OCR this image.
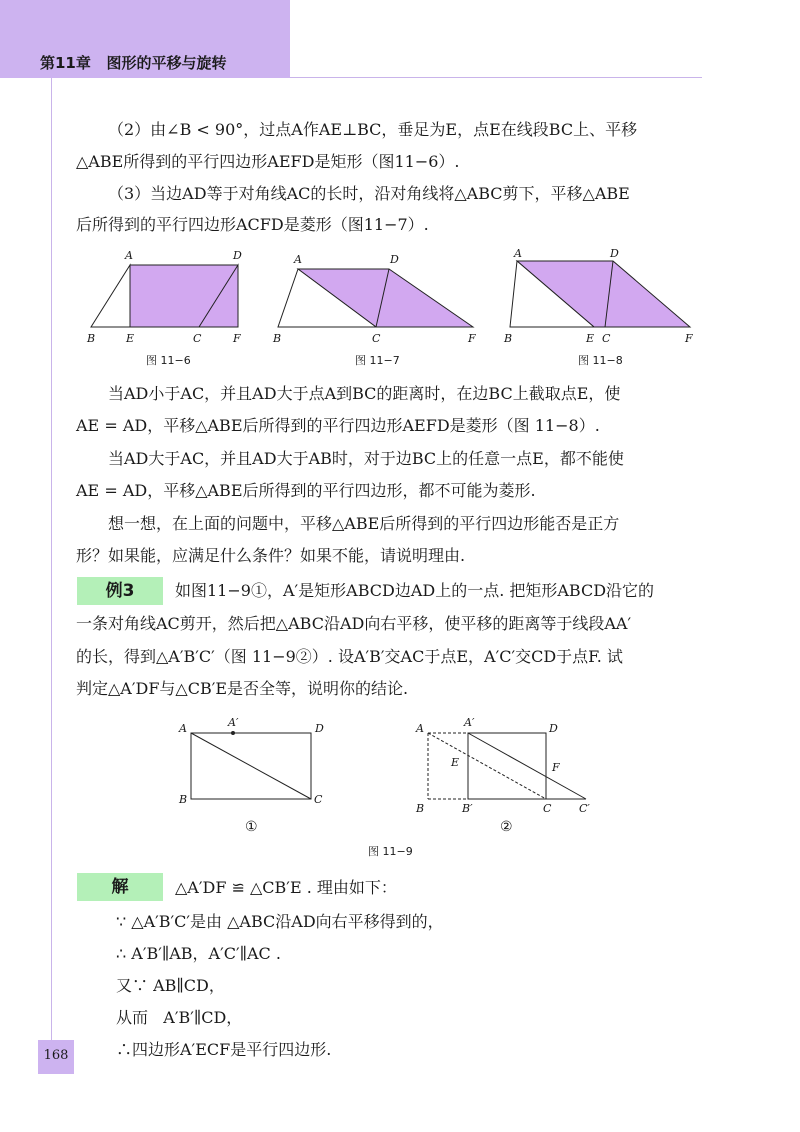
第11章 图形的平移与旋转
（2）由∠B < 90°，过点A作AE⊥BC，垂足为E，点E在线段BC上、平移
△ABE所得到的平行四边形AEFD是矩形（图11−6）.
（3）当边AD等于对角线AC的长时，沿对角线将△ABC剪下，平移△ABE
后所得到的平行四边形ACFD是菱形（图11−7）.
A	D
B	E	C	F
图 11−6
A	D
B	C	F
图 11−7
A	D
B	E C	F
图 11−8
当AD小于AC，并且AD大于点A到BC的距离时，在边BC上截取点E，使
AE = AD，平移△ABE后所得到的平行四边形AEFD是菱形（图 11−8）.
当AD大于AC，并且AD大于AB时，对于边BC上的任意一点E，都不能使
AE = AD，平移△ABE后所得到的平行四边形，都不可能为菱形.
想一想，在上面的问题中，平移△ABE后所得到的平行四边形能否是正方
形？如果能，应满足什么条件？如果不能，请说明理由.
例3	如图11−9①，A′是矩形ABCD边AD上的一点. 把矩形ABCD沿它的
一条对角线AC剪开，然后把△ABC沿AD向右平移，使平移的距离等于线段AA′
的长，得到△A′B′C′（图 11−9②）. 设A′B′交AC于点E，A′C′交CD于点F. 试
判定△A′DF与△CB′E是否全等，说明你的结论.
A	A′	D
B	C
①
A	A′	D
E	F
B	B′	C	C′
②
图 11−9
解	△A′DF ≌ △CB′E . 理由如下：
∵ △A′B′C′是由 △ABC沿AD向右平移得到的，
∴ A′B′∥AB，A′C′∥AC .
又∵ AB∥CD，
从而   A′B′∥CD，
∴四边形A′ECF是平行四边形.
168
